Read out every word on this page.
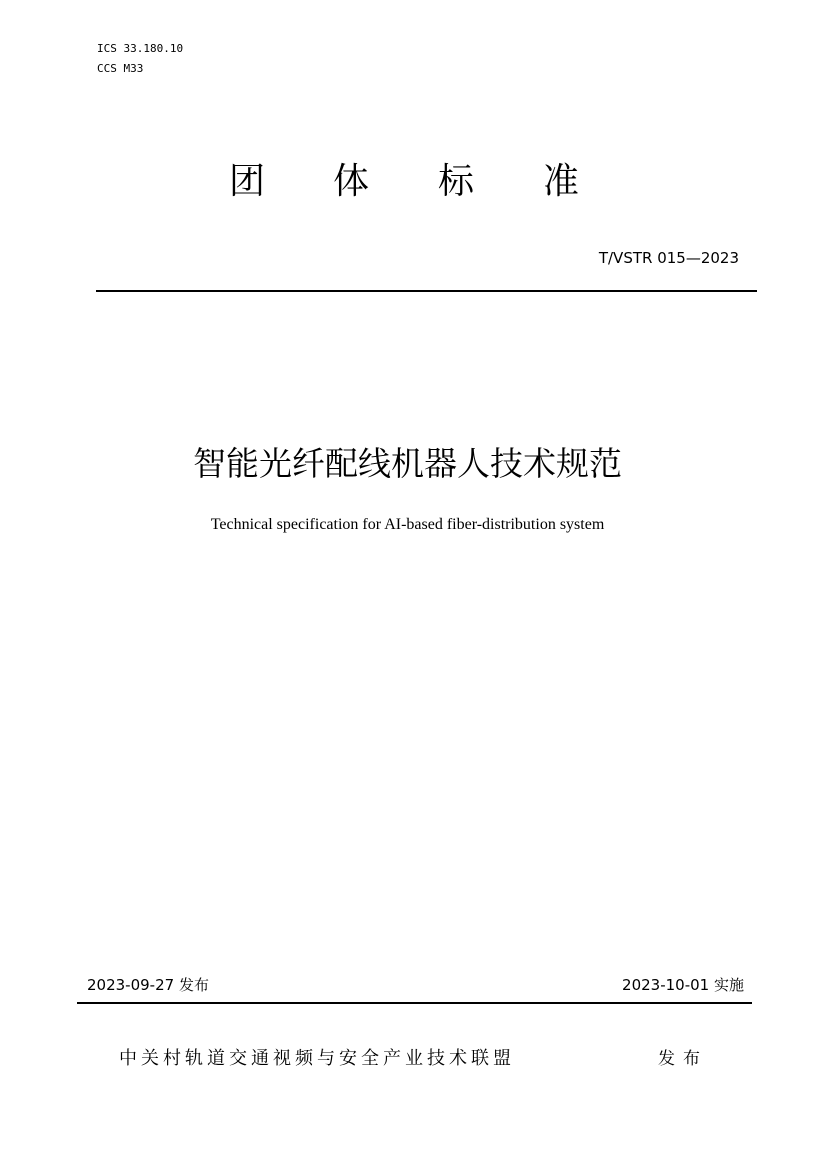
ICS 33.180.10
CCS M33
团 体 标 准
T/VSTR 015—2023
智能光纤配线机器人技术规范
Technical specification for AI-based fiber-distribution system
2023-09-27 发布	2023-10-01 实施
中关村轨道交通视频与安全产业技术联盟	发布
